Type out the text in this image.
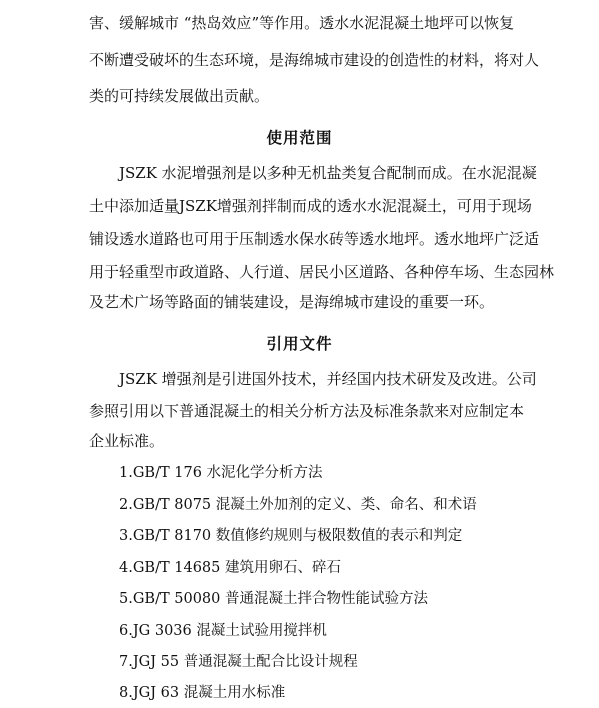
害、缓解城市 “热岛效应”等作用。透水水泥混凝土地坪可以恢复

不断遭受破坏的生态环境，是海绵城市建设的创造性的材料，将对人

类的可持续发展做出贡献。

使用范围

JSZK 水泥增强剂是以多种无机盐类复合配制而成。在水泥混凝

土中添加适量JSZK增强剂拌制而成的透水水泥混凝土，可用于现场

铺设透水道路也可用于压制透水保水砖等透水地坪。透水地坪广泛适

用于轻重型市政道路、人行道、居民小区道路、各种停车场、生态园林

及艺术广场等路面的铺装建设，是海绵城市建设的重要一环。

引用文件

JSZK 增强剂是引进国外技术，并经国内技术研发及改进。公司

参照引用以下普通混凝土的相关分析方法及标准条款来对应制定本

企业标准。

1.GB/T 176 水泥化学分析方法
2.GB/T 8075 混凝土外加剂的定义、类、命名、和术语
3.GB/T 8170 数值修约规则与极限数值的表示和判定
4.GB/T 14685 建筑用卵石、碎石
5.GB/T 50080 普通混凝土拌合物性能试验方法
6.JG 3036 混凝土试验用搅拌机
7.JGJ 55 普通混凝土配合比设计规程
8.JGJ 63 混凝土用水标准
